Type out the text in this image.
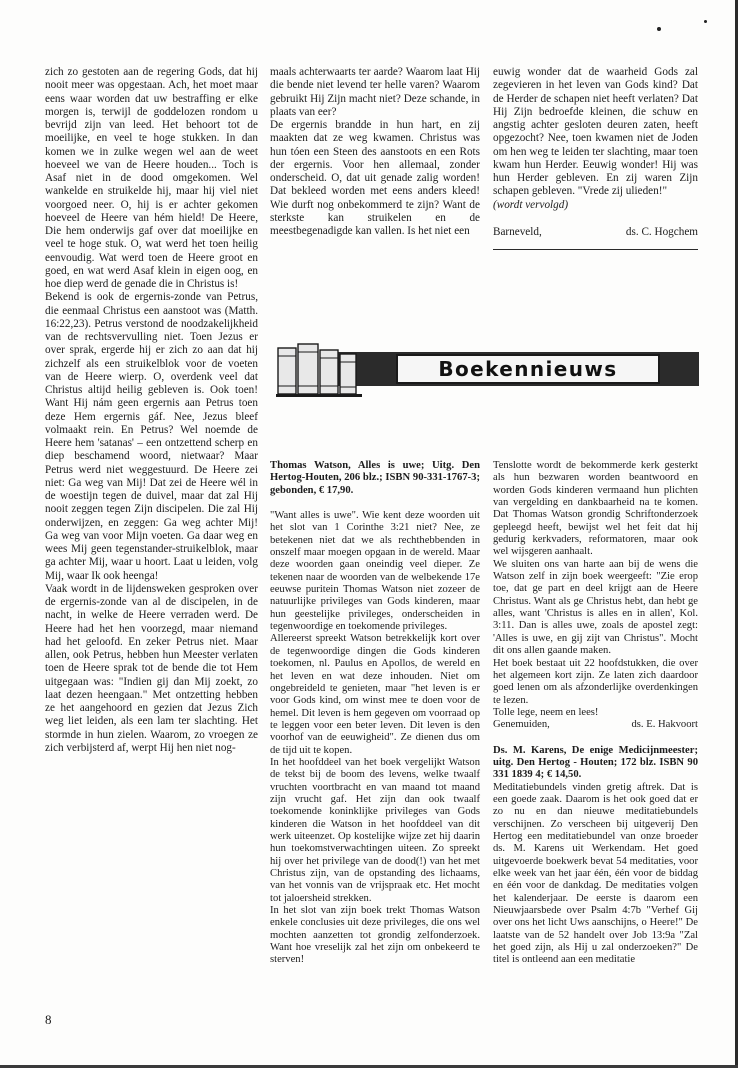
zich zo gestoten aan de regering Gods, dat hij nooit meer was opgestaan. Ach, het moet maar eens waar worden dat uw bestraffing er elke morgen is, terwijl de goddelozen rondom u bevrijd zijn van leed. Het behoort tot de moeilijke, en veel te hoge stukken. In dan komen we in zulke wegen wel aan de weet hoeveel we van de Heere houden... Toch is Asaf niet in de dood omgekomen. Wel wankelde en struikelde hij, maar hij viel niet voorgoed neer. O, hij is er achter gekomen hoeveel de Heere van hém hield! De Heere, Die hem onderwijs gaf over dat moeilijke en veel te hoge stuk. O, wat werd het toen heilig eenvoudig. Wat werd toen de Heere groot en goed, en wat werd Asaf klein in eigen oog, en hoe diep werd de genade die in Christus is!

Bekend is ook de ergernis-zonde van Petrus, die eenmaal Christus een aanstoot was (Matth. 16:22,23). Petrus verstond de noodzakelijkheid van de rechtsvervulling niet. Toen Jezus er over sprak, ergerde hij er zich zo aan dat hij zichzelf als een struikelblok voor de voeten van de Heere wierp. O, overdenk veel dat Christus altijd heilig gebleven is. Ook toen! Want Hij nám geen ergernis aan Petrus toen deze Hem ergernis gáf. Nee, Jezus bleef volmaakt rein. En Petrus? Wel noemde de Heere hem 'satanas' – een ontzettend scherp en diep beschamend woord, nietwaar? Maar Petrus werd niet weggestuurd. De Heere zei niet: Ga weg van Mij! Dat zei de Heere wél in de woestijn tegen de duivel, maar dat zal Hij nooit zeggen tegen Zijn discipelen. Die zal Hij onderwijzen, en zeggen: Ga weg achter Mij! Ga weg van voor Mijn voeten. Ga daar weg en wees Mij geen tegenstander-struikelblok, maar ga achter Mij, waar u hoort. Laat u leiden, volg Mij, waar Ik ook heenga!

Vaak wordt in de lijdensweken gesproken over de ergernis-zonde van al de discipelen, in de nacht, in welke de Heere verraden werd. De Heere had het hen voorzegd, maar niemand had het geloofd. En zeker Petrus niet. Maar allen, ook Petrus, hebben hun Meester verlaten toen de Heere sprak tot de bende die tot Hem uitgegaan was: "Indien gij dan Mij zoekt, zo laat dezen heengaan." Met ontzetting hebben ze het aangehoord en gezien dat Jezus Zich weg liet leiden, als een lam ter slachting. Het stormde in hun zielen. Waarom, zo vroegen ze zich verbijsterd af, werpt Hij hen niet nog-

maals achterwaarts ter aarde? Waarom laat Hij die bende niet levend ter helle varen? Waarom gebruikt Hij Zijn macht niet? Deze schande, in plaats van eer?

De ergernis brandde in hun hart, en zij maakten dat ze weg kwamen. Christus was hun tóen een Steen des aanstoots en een Rots der ergernis. Voor hen allemaal, zonder onderscheid. O, dat uit genade zalig worden! Dat bekleed worden met eens anders kleed! Wie durft nog onbekommerd te zijn? Want de sterkste kan struikelen en de meestbegenadigde kan vallen. Is het niet een

euwig wonder dat de waarheid Gods zal zegevieren in het leven van Gods kind? Dat de Herder de schapen niet heeft verlaten? Dat Hij Zijn bedroefde kleinen, die schuw en angstig achter gesloten deuren zaten, heeft opgezocht? Nee, toen kwamen niet de Joden om hen weg te leiden ter slachting, maar toen kwam hun Herder. Eeuwig wonder! Hij was hun Herder gebleven. En zij waren Zijn schapen gebleven. "Vrede zij ulieden!"

(wordt vervolgd)

Barneveld,	ds. C. Hogchem
Boekennieuws

Thomas Watson, Alles is uwe; Uitg. Den Hertog-Houten, 206 blz.; ISBN 90-331-1767-3; gebonden, € 17,90.

"Want alles is uwe". Wie kent deze woorden uit het slot van 1 Corinthe 3:21 niet? Nee, ze betekenen niet dat we als rechthebbenden in onszelf maar moegen opgaan in de wereld. Maar deze woorden gaan oneindig veel dieper. Ze tekenen naar de woorden van de welbekende 17e eeuwse puritein Thomas Watson niet zozeer de natuurlijke privileges van Gods kinderen, maar hun geestelijke privileges, onderscheiden in tegenwoordige en toekomende privileges.

Allereerst spreekt Watson betrekkelijk kort over de tegenwoordige dingen die Gods kinderen toekomen, nl. Paulus en Apollos, de wereld en het leven en wat deze inhouden. Niet om ongebreideld te genieten, maar "het leven is er voor Gods kind, om winst mee te doen voor de hemel. Dit leven is hem gegeven om voorraad op te leggen voor een beter leven. Dit leven is den voorhof van de eeuwigheid". Ze dienen dus om de tijd uit te kopen.

In het hoofddeel van het boek vergelijkt Watson de tekst bij de boom des levens, welke twaalf vruchten voortbracht en van maand tot maand zijn vrucht gaf. Het zijn dan ook twaalf toekomende koninklijke privileges van Gods kinderen die Watson in het hoofddeel van dit werk uiteenzet. Op kostelijke wijze zet hij daarin hun toekomstverwachtingen uiteen. Zo spreekt hij over het privilege van de dood(!) van het met Christus zijn, van de opstanding des lichaams, van het vonnis van de vrijspraak etc. Het mocht tot jaloersheid strekken.

In het slot van zijn boek trekt Thomas Watson enkele conclusies uit deze privileges, die ons wel mochten aanzetten tot grondig zelfonderzoek. Want hoe vreselijk zal het zijn om onbekeerd te sterven!

Tenslotte wordt de bekommerde kerk gesterkt als hun bezwaren worden beantwoord en worden Gods kinderen vermaand hun plichten van vergelding en dankbaarheid na te komen. Dat Thomas Watson grondig Schriftonderzoek gepleegd heeft, bewijst wel het feit dat hij gedurig kerkvaders, reformatoren, maar ook wel wijsgeren aanhaalt.

We sluiten ons van harte aan bij de wens die Watson zelf in zijn boek weergeeft: "Zie erop toe, dat ge part en deel krijgt aan de Heere Christus. Want als ge Christus hebt, dan hebt ge alles, want 'Christus is alles en in allen', Kol. 3:11. Dan is alles uwe, zoals de apostel zegt: 'Alles is uwe, en gij zijt van Christus". Mocht dit ons allen gaande maken.

Het boek bestaat uit 22 hoofdstukken, die over het algemeen kort zijn. Ze laten zich daardoor goed lenen om als afzonderlijke overdenkingen te lezen.

Tolle lege, neem en lees!

Genemuiden,	ds. E. Hakvoort

Ds. M. Karens, De enige Medicijnmeester; uitg. Den Hertog - Houten; 172 blz. ISBN 90 331 1839 4; € 14,50.

Meditatiebundels vinden gretig aftrek. Dat is een goede zaak. Daarom is het ook goed dat er zo nu en dan nieuwe meditatiebundels verschijnen. Zo verscheen bij uitgeverij Den Hertog een meditatiebundel van onze broeder ds. M. Karens uit Werkendam. Het goed uitgevoerde boekwerk bevat 54 meditaties, voor elke week van het jaar één, één voor de biddag en één voor de dankdag. De meditaties volgen het kalenderjaar. De eerste is daarom een Nieuwjaarsbede over Psalm 4:7b "Verhef Gij over ons het licht Uws aanschijns, o Heere!" De laatste van de 52 handelt over Job 13:9a "Zal het goed zijn, als Hij u zal onderzoeken?" De titel is ontleend aan een meditatie

8
